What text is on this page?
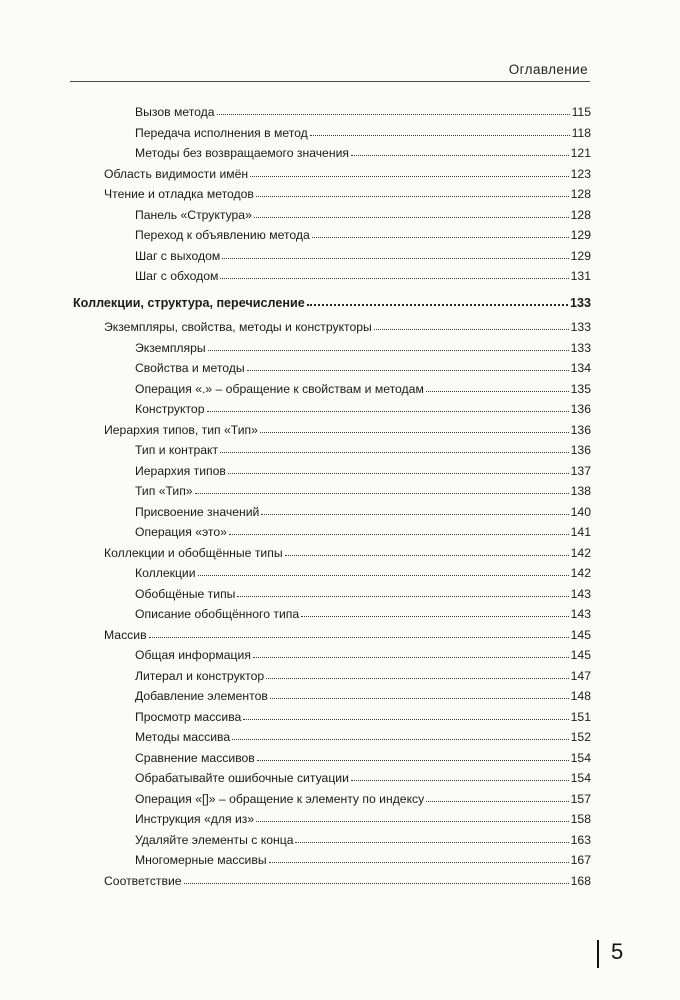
Оглавление
Вызов метода	115
Передача исполнения в метод	118
Методы без возвращаемого значения	121
Область видимости имён	123
Чтение и отладка методов	128
Панель «Структура»	128
Переход к объявлению метода	129
Шаг с выходом	129
Шаг с обходом	131
Коллекции, структура, перечисление	133
Экземпляры, свойства, методы и конструкторы	133
Экземпляры	133
Свойства и методы	134
Операция «.» – обращение к свойствам и методам	135
Конструктор	136
Иерархия типов, тип «Тип»	136
Тип и контракт	136
Иерархия типов	137
Тип «Тип»	138
Присвоение значений	140
Операция «это»	141
Коллекции и обобщённые типы	142
Коллекции	142
Обобщёные типы	143
Описание обобщённого типа	143
Массив	145
Общая информация	145
Литерал и конструктор	147
Добавление элементов	148
Просмотр массива	151
Методы массива	152
Сравнение массивов	154
Обрабатывайте ошибочные ситуации	154
Операция «[]» – обращение к элементу по индексу	157
Инструкция «для из»	158
Удаляйте элементы с конца	163
Многомерные массивы	167
Соответствие	168
5
